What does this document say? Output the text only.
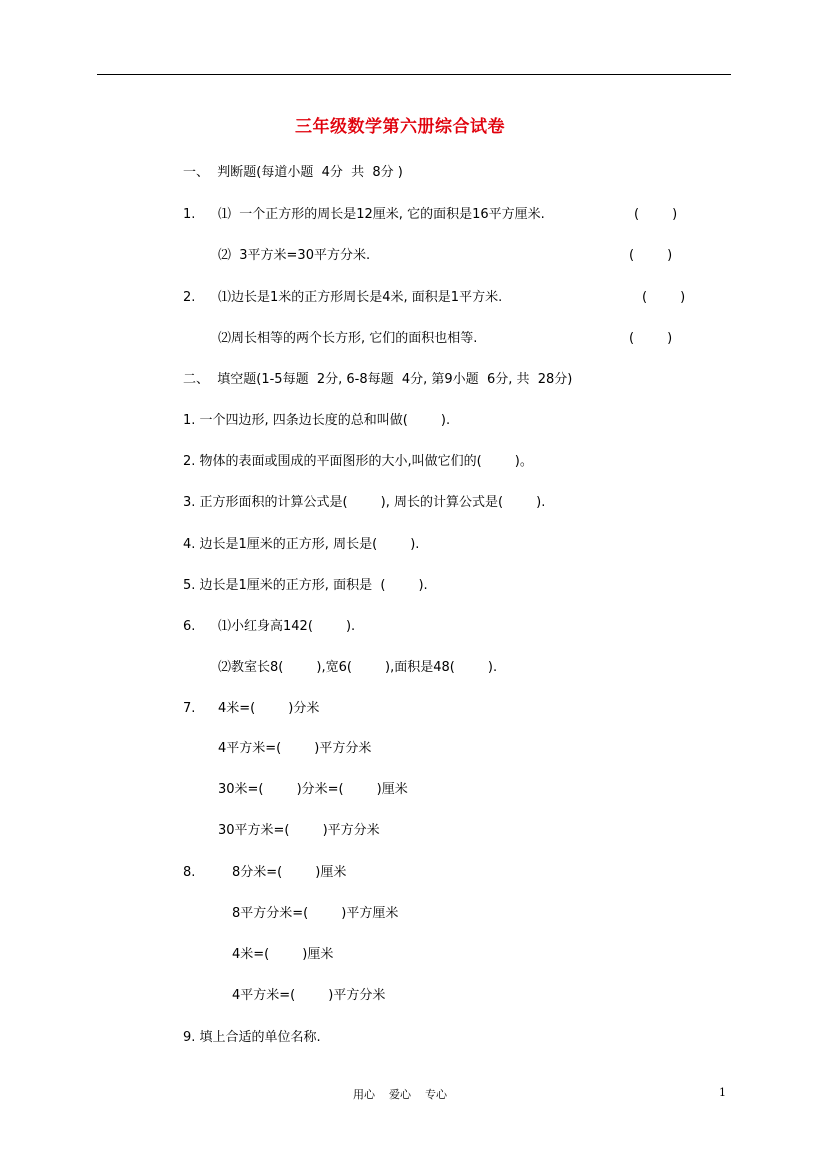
三年级数学第六册综合试卷
一、  判断题(每道小题  4分  共  8分 )
1. ⑴  一个正方形的周长是12厘米, 它的面积是16平方厘米.	(        )
⑵  3平方米=30平方分米.	(        )
2. ⑴边长是1米的正方形周长是4米, 面积是1平方米.	(        )
⑵周长相等的两个长方形, 它们的面积也相等.	(        )
二、  填空题(1-5每题  2分, 6-8每题  4分, 第9小题  6分, 共  28分)
1. 一个四边形, 四条边长度的总和叫做(        ).
2. 物体的表面或围成的平面图形的大小,叫做它们的(        )。
3. 正方形面积的计算公式是(        ), 周长的计算公式是(        ).
4. 边长是1厘米的正方形, 周长是(        ).
5. 边长是1厘米的正方形, 面积是  (        ).
6. ⑴小红身高142(        ).
⑵教室长8(        ),宽6(        ),面积是48(        ).
7. 4米=(        )分米
4平方米=(        )平方分米
30米=(        )分米=(        )厘米
30平方米=(        )平方分米
8.	8分米=(        )厘米
8平方分米=(        )平方厘米
4米=(        )厘米
4平方米=(        )平方分米
9. 填上合适的单位名称.
用心    爱心    专心	1
